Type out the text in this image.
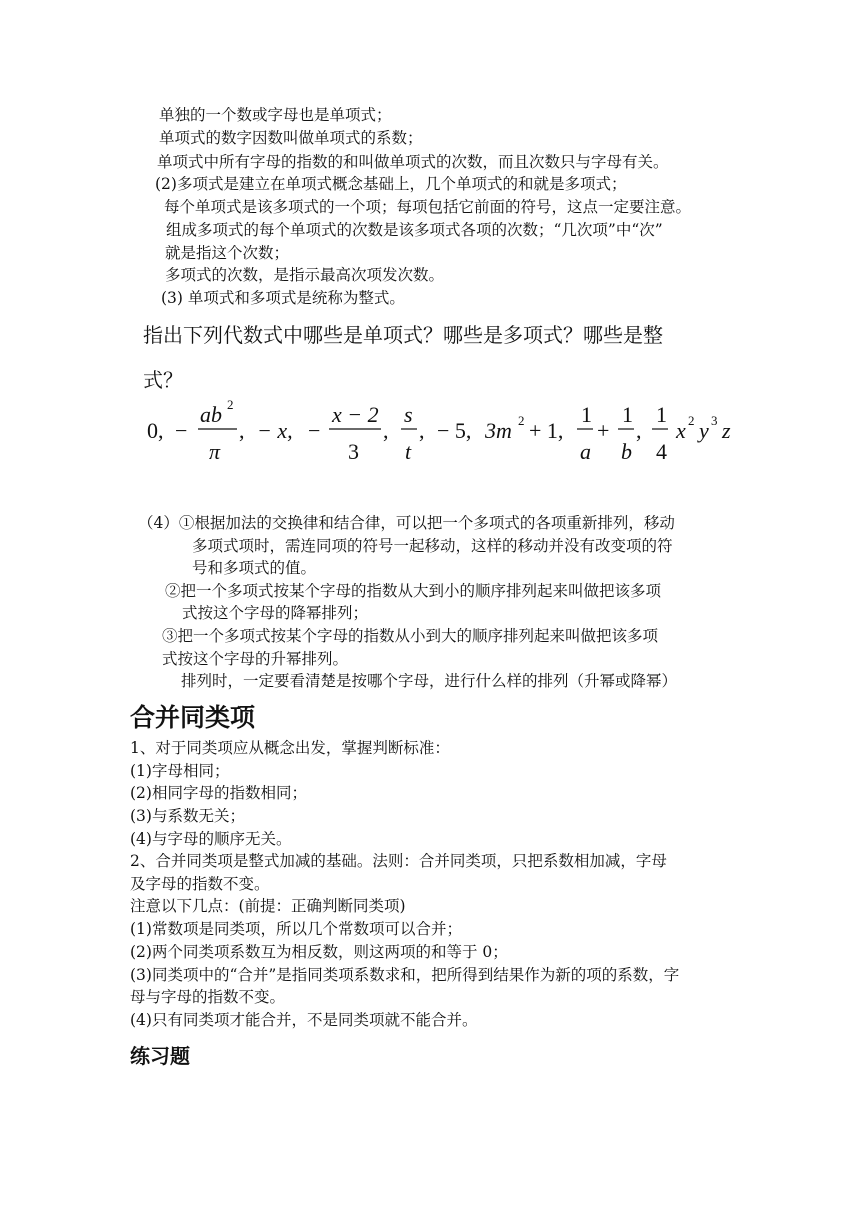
单独的一个数或字母也是单项式；
单项式的数字因数叫做单项式的系数；
单项式中所有字母的指数的和叫做单项式的次数，而且次数只与字母有关。
(2)多项式是建立在单项式概念基础上，几个单项式的和就是多项式；
每个单项式是该多项式的一个项；每项包括它前面的符号，这点一定要注意。
组成多项式的每个单项式的次数是该多项式各项的次数；“几次项”中“次”
就是指这个次数；
多项式的次数，是指示最高次项发次数。
(3) 单项式和多项式是统称为整式。
指出下列代数式中哪些是单项式？哪些是多项式？哪些是整
式？
0, −
ab 2
π
, − x, −
x − 2
3
,
s
t
, − 5, 3m 2 + 1,
1
a
+
1
b
,
1
4
x 2 y 3 z
（4）①根据加法的交换律和结合律，可以把一个多项式的各项重新排列，移动
多项式项时，需连同项的符号一起移动，这样的移动并没有改变项的符
号和多项式的值。
②把一个多项式按某个字母的指数从大到小的顺序排列起来叫做把该多项
式按这个字母的降幂排列；
③把一个多项式按某个字母的指数从小到大的顺序排列起来叫做把该多项
式按这个字母的升幂排列。
排列时，一定要看清楚是按哪个字母，进行什么样的排列（升幂或降幂）
合并同类项
1、对于同类项应从概念出发，掌握判断标准：
(1)字母相同；
(2)相同字母的指数相同；
(3)与系数无关；
(4)与字母的顺序无关。
2、合并同类项是整式加减的基础。法则：合并同类项，只把系数相加减，字母
及字母的指数不变。
注意以下几点：(前提：正确判断同类项)
(1)常数项是同类项，所以几个常数项可以合并；
(2)两个同类项系数互为相反数，则这两项的和等于 0；
(3)同类项中的“合并”是指同类项系数求和，把所得到结果作为新的项的系数，字
母与字母的指数不变。
(4)只有同类项才能合并，不是同类项就不能合并。
练习题
